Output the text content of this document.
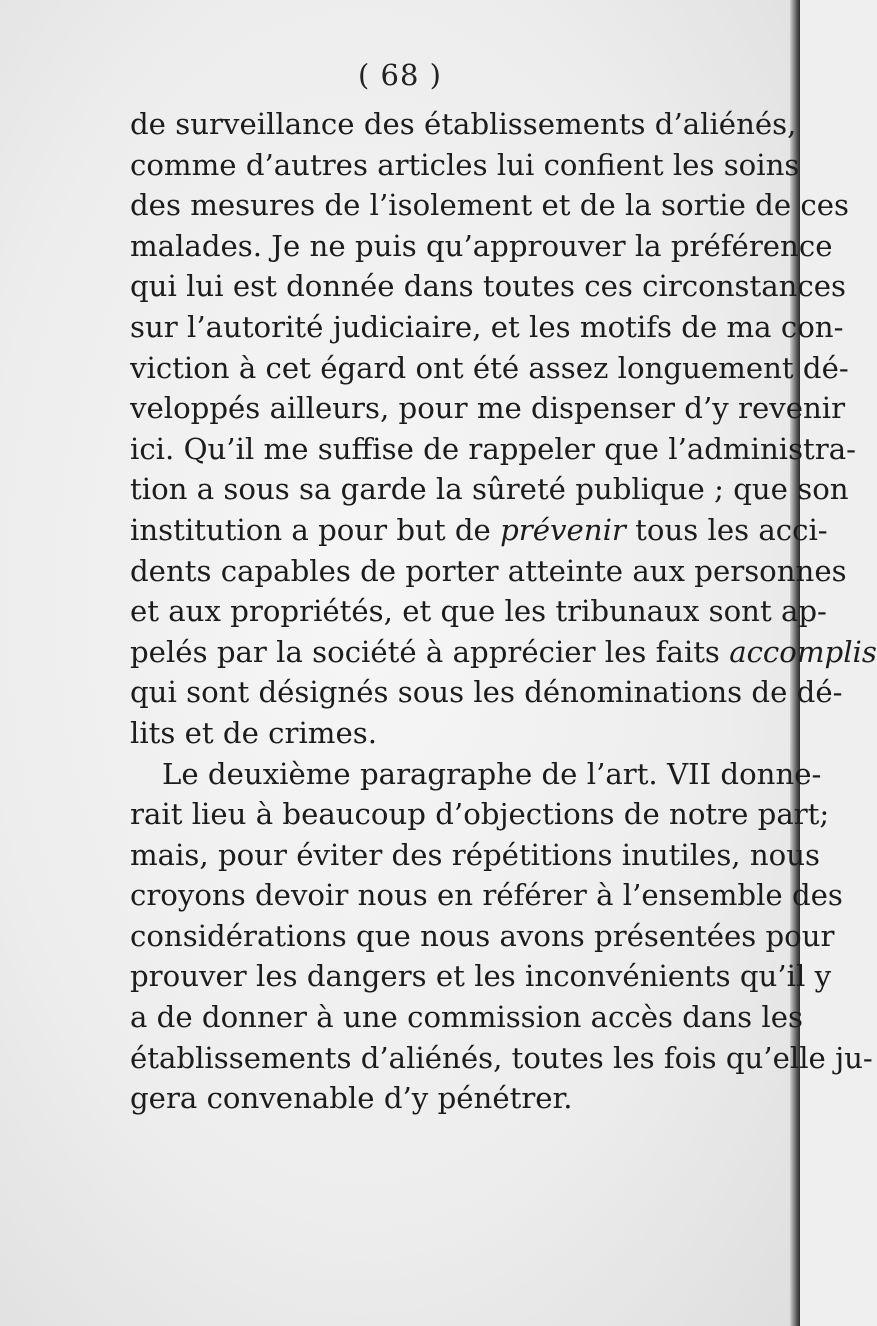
( 68 )
de surveillance des établissements d’aliénés,
comme d’autres articles lui confient les soins
des mesures de l’isolement et de la sortie de ces
malades. Je ne puis qu’approuver la préférence
qui lui est donnée dans toutes ces circonstances
sur l’autorité judiciaire, et les motifs de ma con-
viction à cet égard ont été assez longuement dé-
veloppés ailleurs, pour me dispenser d’y revenir
ici. Qu’il me suffise de rappeler que l’administra-
tion a sous sa garde la sûreté publique ; que son
institution a pour but de prévenir tous les acci-
dents capables de porter atteinte aux personnes
et aux propriétés, et que les tribunaux sont ap-
pelés par la société à apprécier les faits accomplis
qui sont désignés sous les dénominations de dé-
lits et de crimes.
Le deuxième paragraphe de l’art. VII donne-
rait lieu à beaucoup d’objections de notre part;
mais, pour éviter des répétitions inutiles, nous
croyons devoir nous en référer à l’ensemble des
considérations que nous avons présentées pour
prouver les dangers et les inconvénients qu’il y
a de donner à une commission accès dans les
établissements d’aliénés, toutes les fois qu’elle ju-
gera convenable d’y pénétrer.
